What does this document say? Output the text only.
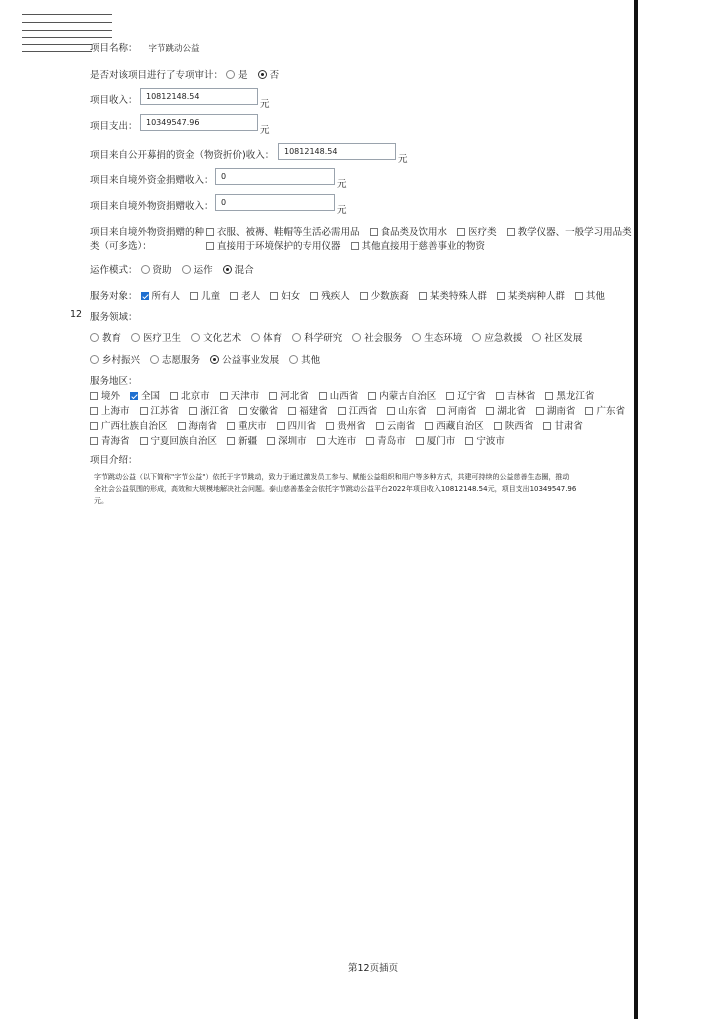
项目名称： 字节跳动公益
是否对该项目进行了专项审计： 是 否
项目收入：	10812148.54
元
项目支出：	10349547.96
元
项目来自公开募捐的资金（物资折价)收入：	10812148.54
元
项目来自境外资金捐赠收入： 0
元
项目来自境外物资捐赠收入： 0
元
项目来自境外物资捐赠的种
类（可多选）：
衣服、被褥、鞋帽等生活必需用品 食品类及饮用水 医疗类 教学仪器、一般学习用品类
直接用于环境保护的专用仪器 其他直接用于慈善事业的物资
运作模式： 资助 运作 混合
服务对象： 所有人 儿童 老人 妇女 残疾人 少数族裔 某类特殊人群 某类病种人群 其他
12 服务领域：
教育 医疗卫生 文化艺术 体育 科学研究 社会服务 生态环境 应急救援 社区发展
乡村振兴 志愿服务 公益事业发展 其他
服务地区：
境外 全国 北京市 天津市 河北省 山西省 内蒙古自治区 辽宁省 吉林省 黑龙江省
上海市 江苏省 浙江省 安徽省 福建省 江西省 山东省 河南省 湖北省 湖南省 广东省
广西壮族自治区 海南省 重庆市 四川省 贵州省 云南省 西藏自治区 陕西省 甘肃省
青海省 宁夏回族自治区 新疆 深圳市 大连市 青岛市 厦门市 宁波市
项目介绍：
字节跳动公益（以下简称"字节公益"）依托于字节跳动，致力于通过激发员工参与、赋能公益组织和用户等多种方式，共建可持续的公益慈善生态圈，推动
全社会公益氛围的形成，高效和大规模地解决社会问题。泰山慈善基金会依托字节跳动公益平台2022年项目收入10812148.54元，项目支出10349547.96
元。
第12页插页
